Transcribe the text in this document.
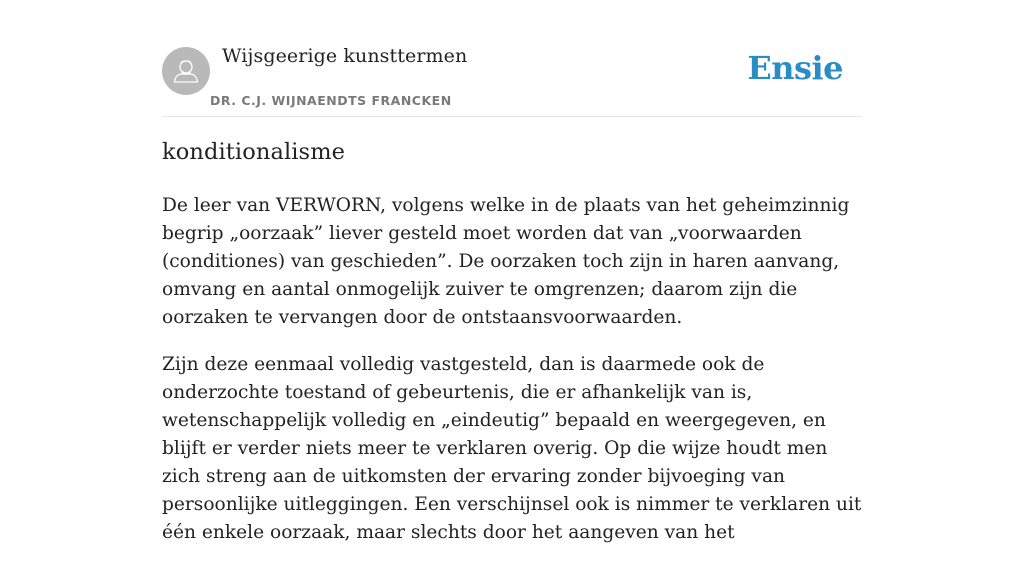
Wijsgeerige kunsttermen
DR. C.J. WIJNAENDTS FRANCKEN
Ensie
konditionalisme

De leer van VERWORN, volgens welke in de plaats van het geheimzinnig begrip „oorzaak” liever gesteld moet worden dat van „voorwaarden (conditiones) van geschieden”. De oorzaken toch zijn in haren aanvang, omvang en aantal onmogelijk zuiver te omgrenzen; daarom zijn die oorzaken te vervangen door de ontstaansvoorwaarden.

Zijn deze eenmaal volledig vastgesteld, dan is daarmede ook de onderzochte toestand of gebeurtenis, die er afhankelijk van is, wetenschappelijk volledig en „eindeutig” bepaald en weergegeven, en blijft er verder niets meer te verklaren overig. Op die wijze houdt men zich streng aan de uitkomsten der ervaring zonder bijvoeging van persoonlijke uitleggingen. Een verschijnsel ook is nimmer te verklaren uit één enkele oorzaak, maar slechts door het aangeven van het
